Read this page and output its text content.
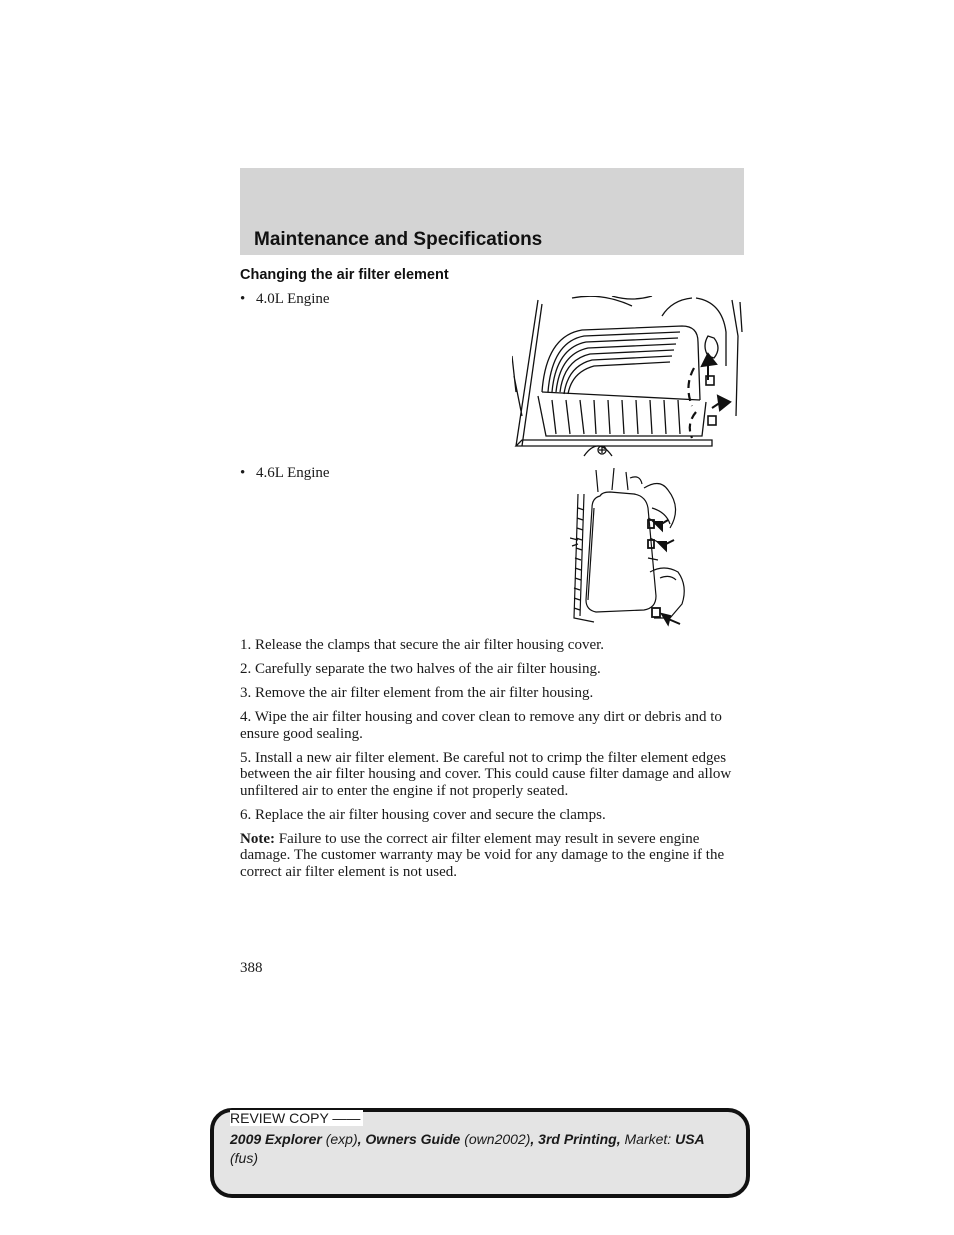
Maintenance and Specifications
Changing the air filter element
• 4.0L Engine
• 4.6L Engine

1. Release the clamps that secure the air filter housing cover.

2. Carefully separate the two halves of the air filter housing.

3. Remove the air filter element from the air filter housing.

4. Wipe the air filter housing and cover clean to remove any dirt or debris and to ensure good sealing.

5. Install a new air filter element. Be careful not to crimp the filter element edges between the air filter housing and cover. This could cause filter damage and allow unfiltered air to enter the engine if not properly seated.

6. Replace the air filter housing cover and secure the clamps.

Note: Failure to use the correct air filter element may result in severe engine damage. The customer warranty may be void for any damage to the engine if the correct air filter element is not used.

388
REVIEW COPY ——
2009 Explorer (exp), Owners Guide (own2002), 3rd Printing, Market: USA
(fus)
